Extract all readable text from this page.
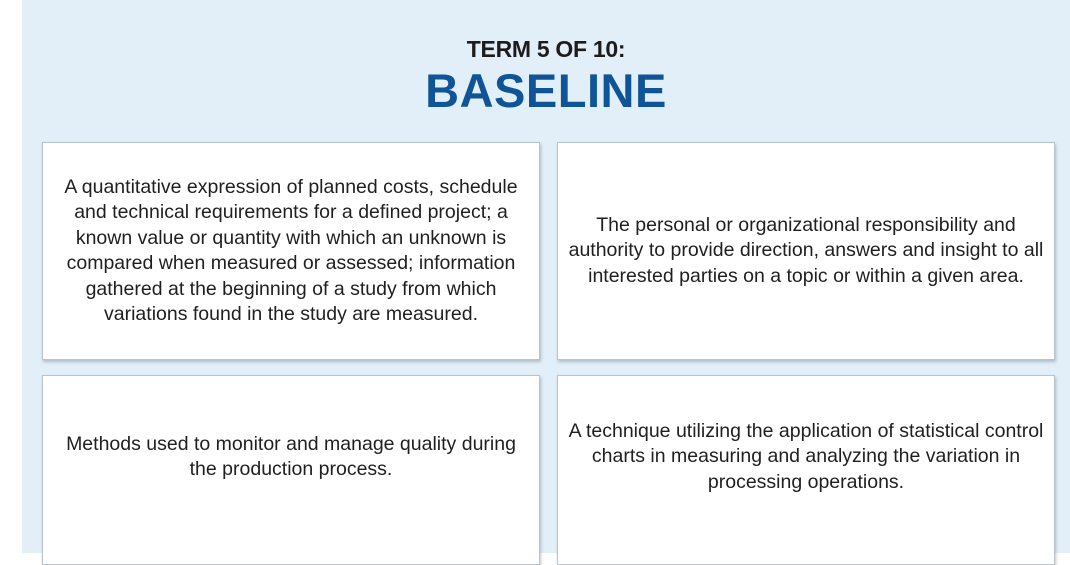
TERM 5 OF 10:
BASELINE
A quantitative expression of planned costs, schedule and technical requirements for a defined project; a known value or quantity with which an unknown is compared when measured or assessed; information gathered at the beginning of a study from which variations found in the study are measured.
The personal or organizational responsibility and authority to provide direction, answers and insight to all interested parties on a topic or within a given area.
Methods used to monitor and manage quality during the production process.
A technique utilizing the application of statistical control charts in measuring and analyzing the variation in processing operations.
